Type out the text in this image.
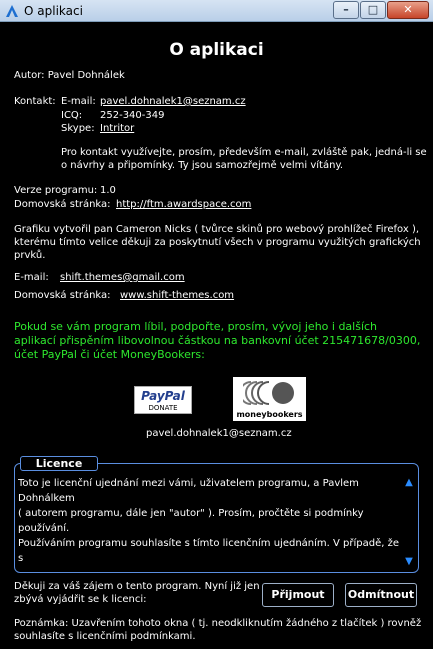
O aplikaci	–	□	✕
O aplikaci
Autor: Pavel Dohnálek
Kontakt: E-mail: pavel.dohnalek1@seznam.cz
ICQ: 252-340-349
Skype: Intritor
Pro kontakt využívejte, prosím, především e-mail, zvláště pak, jedná-li se
o návrhy a připomínky. Ty jsou samozřejmě velmi vítány.
Verze programu: 1.0
Domovská stránka: http://ftm.awardspace.com
Grafiku vytvořil pan Cameron Nicks ( tvůrce skinů pro webový prohlížeč Firefox ),
kterému tímto velice děkuji za poskytnutí všech v programu využitých grafických
prvků.
E-mail: shift.themes@gmail.com
Domovská stránka: www.shift-themes.com
Pokud se vám program líbil, podpořte, prosím, vývoj jeho i dalších
aplikací přispěním libovolnou částkou na bankovní účet 215471678/0300,
účet PayPal či účet MoneyBookers:
PayPal
DONATE
moneybookers
pavel.dohnalek1@seznam.cz
Licence

Toto je licenční ujednání mezi vámi, uživatelem programu, a Pavlem Dohnálkem
( autorem programu, dále jen "autor" ). Prosím, pročtěte si podmínky používání.
Používáním programu souhlasíte s tímto licenčním ujednáním. V případě, že s

▲
▼
Děkuji za váš zájem o tento program. Nyní již jen
zbývá vyjádřit se k licenci:	Přijmout	Odmítnout
Poznámka: Uzavřením tohoto okna ( tj. neodkliknutím žádného z tlačítek ) rovněž
souhlasíte s licenčními podmínkami.
